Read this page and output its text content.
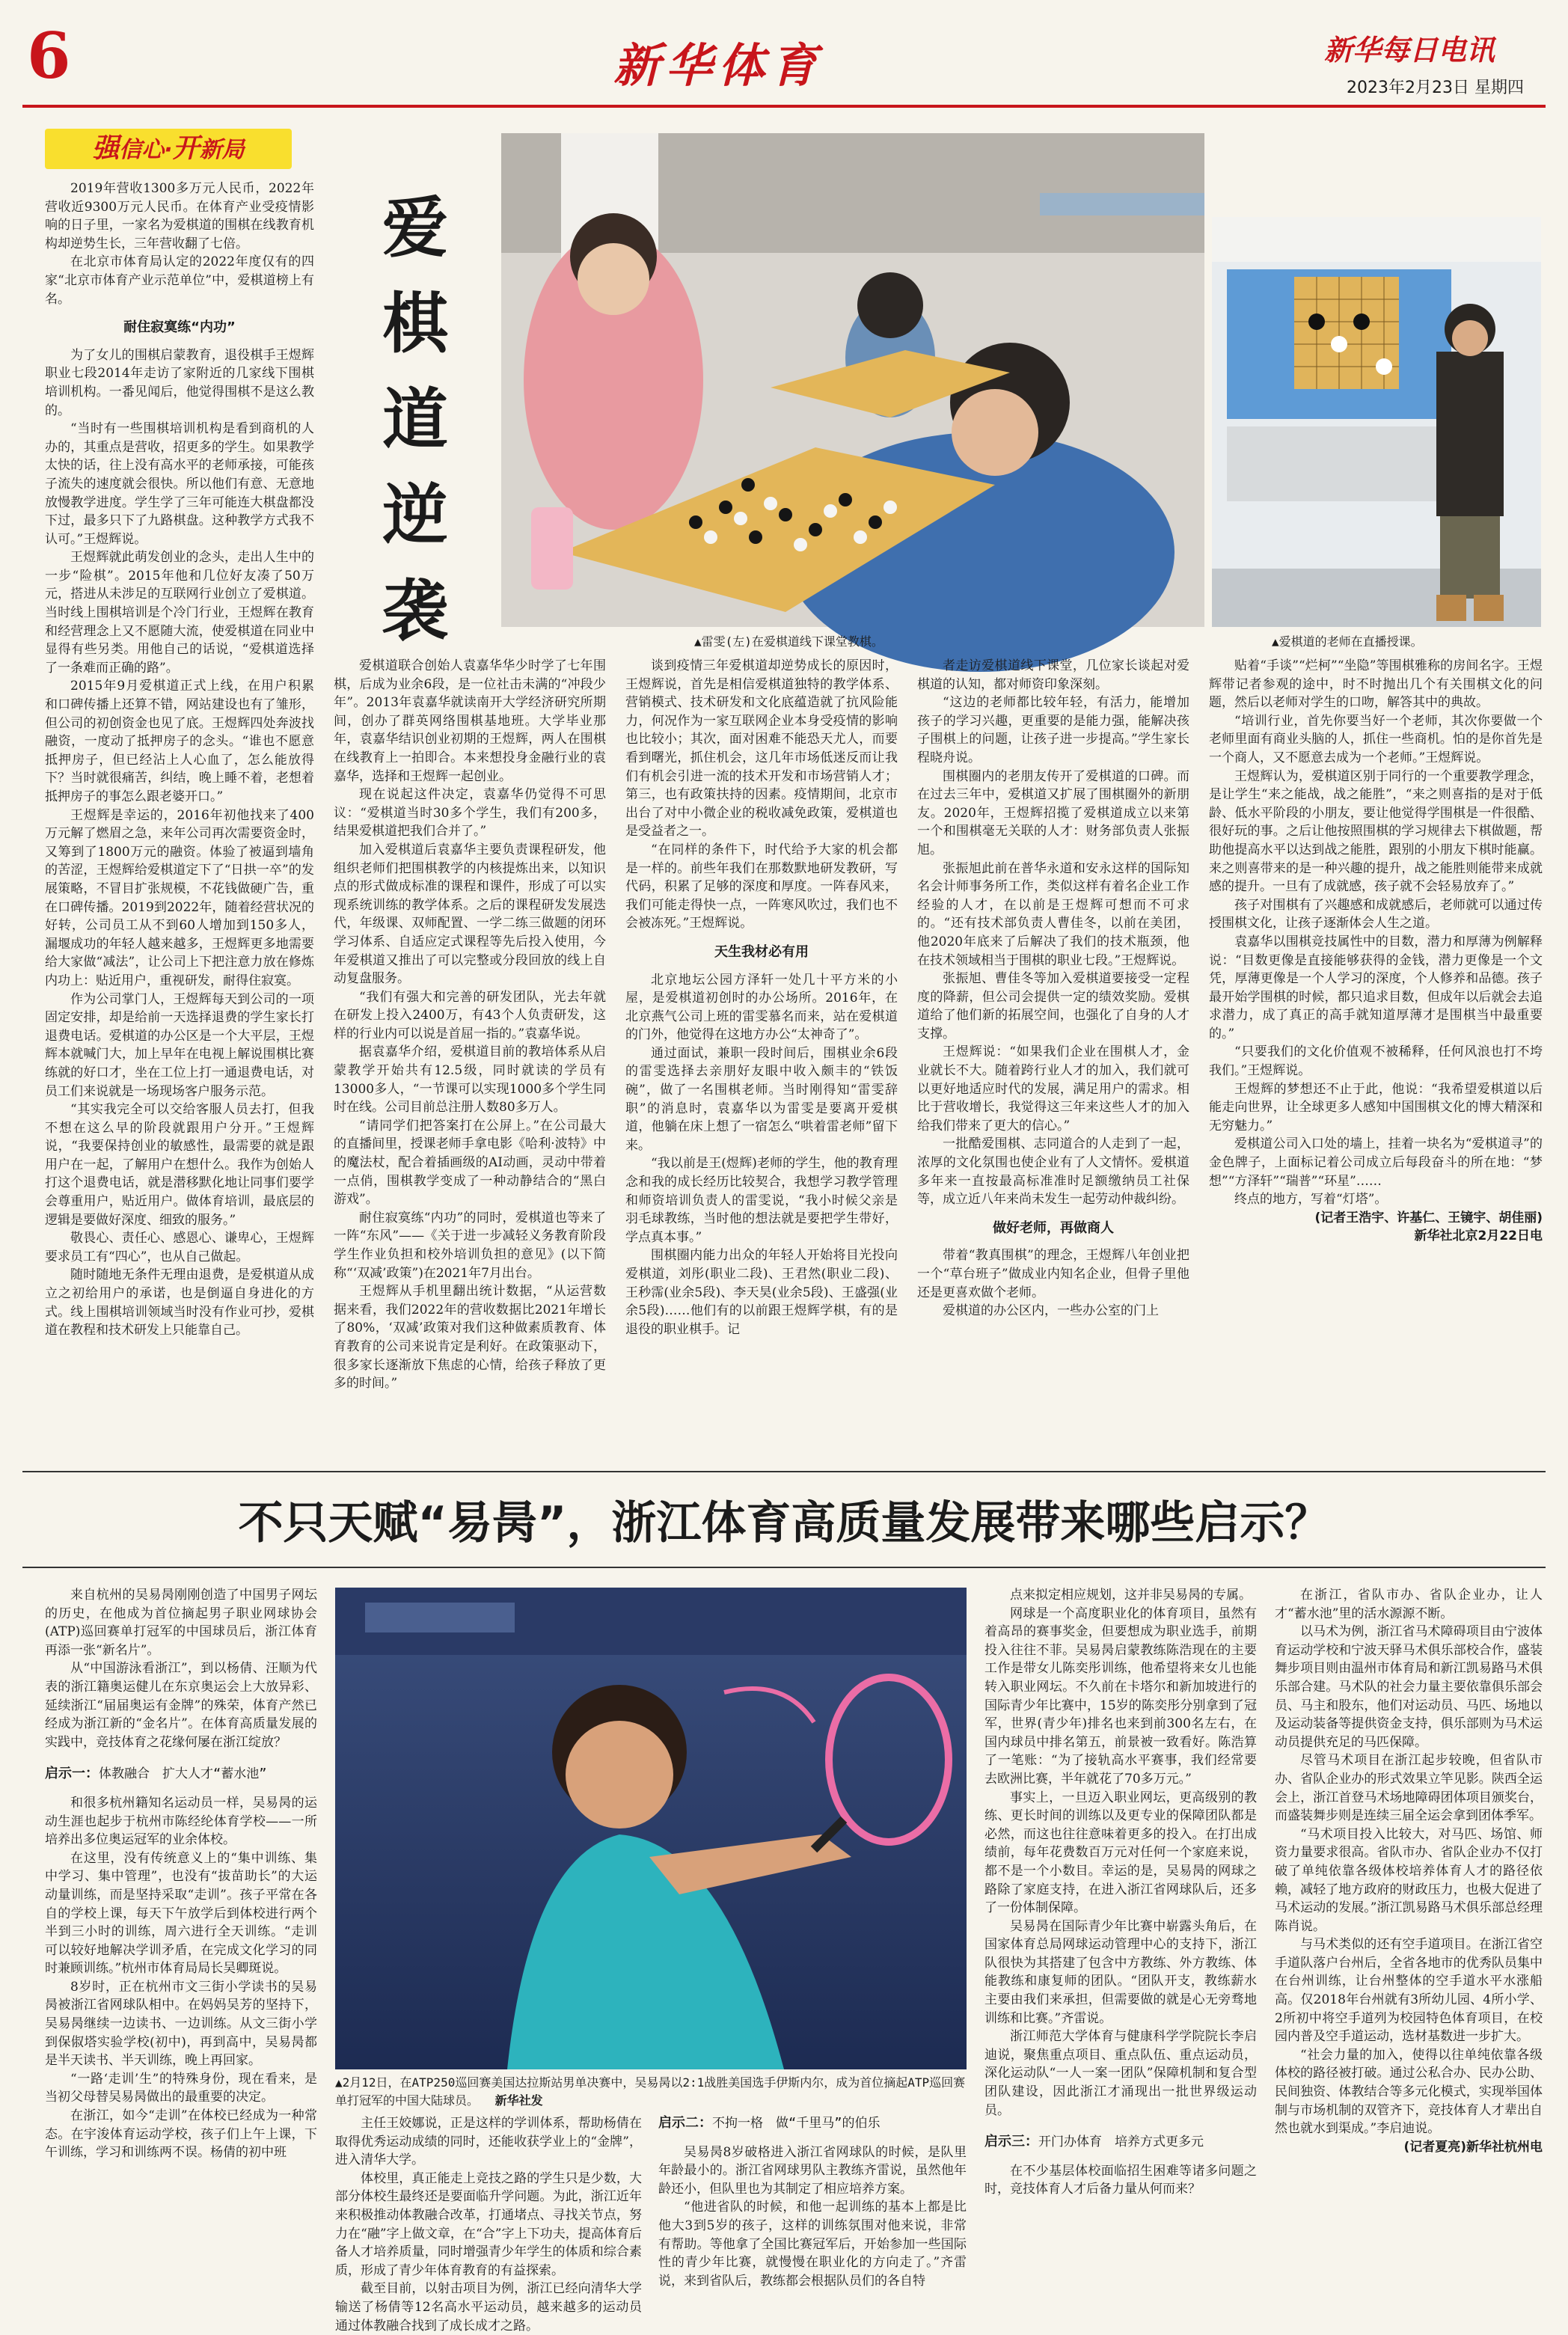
6	新华体育	新华每日电讯
2023年2月23日 星期四
强信心·开新局
爱
棋
道
逆
袭	▲雷雯(左)在爱棋道线下课堂教棋。	▲爱棋道的老师在直播授课。

2019年营收1300多万元人民币，2022年营收近9300万元人民币。在体育产业受疫情影响的日子里，一家名为爱棋道的围棋在线教育机构却逆势生长，三年营收翻了七倍。

在北京市体育局认定的2022年度仅有的四家“北京市体育产业示范单位”中，爱棋道榜上有名。

耐住寂寞练“内功”

为了女儿的围棋启蒙教育，退役棋手王煜辉职业七段2014年走访了家附近的几家线下围棋培训机构。一番见闻后，他觉得围棋不是这么教的。

“当时有一些围棋培训机构是看到商机的人办的，其重点是营收，招更多的学生。如果教学太快的话，往上没有高水平的老师承接，可能孩子流失的速度就会很快。所以他们有意、无意地放慢教学进度。学生学了三年可能连大棋盘都没下过，最多只下了九路棋盘。这种教学方式我不认可。”王煜辉说。

王煜辉就此萌发创业的念头，走出人生中的一步“险棋”。2015年他和几位好友凑了50万元，搭进从未涉足的互联网行业创立了爱棋道。当时线上围棋培训是个冷门行业，王煜辉在教育和经营理念上又不愿随大流，使爱棋道在同业中显得有些另类。用他自己的话说，“爱棋道选择了一条难而正确的路”。

2015年9月爱棋道正式上线，在用户积累和口碑传播上还算不错，网站建设也有了雏形，但公司的初创资金也见了底。王煜辉四处奔波找融资，一度动了抵押房子的念头。“谁也不愿意抵押房子，但已经沾上人心血了，怎么能放得下？当时就很痛苦，纠结，晚上睡不着，老想着抵押房子的事怎么跟老婆开口。”

王煜辉是幸运的，2016年初他找来了400万元解了燃眉之急，来年公司再次需要资金时，又筹到了1800万元的融资。体验了被逼到墙角的苦涩，王煜辉给爱棋道定下了“日拱一卒”的发展策略，不冒目扩张规模，不花钱做硬广告，重在口碑传播。2019到2022年，随着经营状况的好转，公司员工从不到60人增加到150多人，漏堰成功的年轻人越来越多，王煜辉更多地需要给大家做“减法”，让公司上下把注意力放在修炼内功上：贴近用户，重视研发，耐得住寂寞。

作为公司掌门人，王煜辉每天到公司的一项固定安排，却是给前一天选择退费的学生家长打退费电话。爱棋道的办公区是一个大平层，王煜辉本就喊门大，加上早年在电视上解说围棋比赛练就的好口才，坐在工位上打一通退费电话，对员工们来说就是一场现场客户服务示范。

“其实我完全可以交给客服人员去打，但我不想在这么早的阶段就跟用户分开。”王煜辉说，“我要保持创业的敏感性，最需要的就是跟用户在一起，了解用户在想什么。我作为创始人打这个退费电话，就是潜移默化地让同事们要学会尊重用户，贴近用户。做体育培训，最底层的逻辑是要做好深度、细致的服务。”

敬畏心、责任心、感恩心、谦卑心，王煜辉要求员工有“四心”，也从自己做起。

随时随地无条件无理由退费，是爱棋道从成立之初给用户的承诺，也是倒逼自身进化的方式。线上围棋培训领域当时没有作业可抄，爱棋道在教程和技术研发上只能靠自己。

爱棋道联合创始人袁嘉华华少时学了七年围棋，后成为业余6段，是一位社击未满的“冲段少年”。2013年袁嘉华就读南开大学经济研究所期间，创办了群英网络围棋基地班。大学毕业那年，袁嘉华结识创业初期的王煜辉，两人在围棋在线教育上一拍即合。本来想投身金融行业的袁嘉华，选择和王煜辉一起创业。

现在说起这件决定，袁嘉华仍觉得不可思议：“爱棋道当时30多个学生，我们有200多，结果爱棋道把我们合并了。”

加入爱棋道后袁嘉华主要负责课程研发，他组织老师们把围棋教学的内核提炼出来，以知识点的形式做成标准的课程和课件，形成了可以实现系统训练的教学体系。之后的课程研发发展迭代，年级课、双师配置、一学二练三做题的闭环学习体系、自适应定式课程等先后投入使用，今年爱棋道又推出了可以完整或分段回放的线上自动复盘服务。

“我们有强大和完善的研发团队，光去年就在研发上投入2400万，有43个人负责研发，这样的行业内可以说是首屈一指的。”袁嘉华说。

据袁嘉华介绍，爱棋道目前的教培体系从启蒙教学开始共有12.5级，同时就读的学员有13000多人，“一节课可以实现1000多个学生同时在线。公司目前总注册人数80多万人。

“请同学们把答案打在公屏上。”在公司最大的直播间里，授课老师手拿电影《哈利·波特》中的魔法杖，配合着插画级的AI动画，灵动中带着一点俏，围棋教学变成了一种动静结合的“黑白游戏”。

耐住寂寞练“内功”的同时，爱棋道也等来了一阵“东风”——《关于进一步减轻义务教育阶段学生作业负担和校外培训负担的意见》(以下简称“‘双减’政策”)在2021年7月出台。

王煜辉从手机里翻出统计数据，“从运营数据来看，我们2022年的营收数据比2021年增长了80%，‘双减’政策对我们这种做素质教育、体育教育的公司来说肯定是利好。在政策驱动下，很多家长逐渐放下焦虑的心情，给孩子释放了更多的时间。”

谈到疫情三年爱棋道却逆势成长的原因时，王煜辉说，首先是相信爱棋道独特的教学体系、营销模式、技术研发和文化底蕴造就了抗风险能力，何况作为一家互联网企业本身受疫情的影响也比较小；其次，面对困难不能恐天尤人，而要看到曙光，抓住机会，这几年市场低迷反而让我们有机会引进一流的技术开发和市场营销人才；第三，也有政策扶持的因素。疫情期间，北京市出台了对中小微企业的税收减免政策，爱棋道也是受益者之一。

“在同样的条件下，时代给予大家的机会都是一样的。前些年我们在那数默地研发教研，写代码，积累了足够的深度和厚度。一阵春风来，我们可能走得快一点，一阵寒风吹过，我们也不会被冻死。”王煜辉说。

天生我材必有用

北京地坛公园方泽轩一处几十平方米的小屋，是爱棋道初创时的办公场所。2016年，在北京燕气公司上班的雷雯慕名而来，站在爱棋道的门外，他觉得在这地方办公“太神奇了”。

通过面试，兼职一段时间后，围棋业余6段的雷雯选择去亲朋好友眼中收入颇丰的“铁饭碗”，做了一名围棋老师。当时刚得知“雷雯辞职”的消息时，袁嘉华以为雷雯是要离开爱棋道，他躺在床上想了一宿怎么“哄着雷老师”留下来。

“我以前是王(煜辉)老师的学生，他的教育理念和我的成长经历比较契合，我想学习教学管理和师资培训负责人的雷雯说，“我小时候父亲是羽毛球教练，当时他的想法就是要把学生带好，学点真本事。”

围棋圈内能力出众的年轻人开始将目光投向爱棋道，刘彤(职业二段)、王君然(职业二段)、王秒霈(业余5段)、李天昊(业余5段)、王盛强(业余5段)……他们有的以前跟王煜辉学棋，有的是退役的职业棋手。记

者走访爱棋道线下课堂，几位家长谈起对爱棋道的认知，都对师资印象深刻。

“这边的老师都比较年轻，有活力，能增加孩子的学习兴趣，更重要的是能力强，能解决孩子围棋上的问题，让孩子进一步提高。”学生家长程晓舟说。

围棋圈内的老朋友传开了爱棋道的口碑。而在过去三年中，爱棋道又扩展了围棋圈外的新朋友。2020年，王煜辉招揽了爱棋道成立以来第一个和围棋毫无关联的人才：财务部负责人张振旭。

张振旭此前在普华永道和安永这样的国际知名会计师事务所工作，类似这样有着名企业工作经验的人才，在以前是王煜辉可想而不可求的。“还有技术部负责人曹佳冬，以前在美团，他2020年底来了后解决了我们的技术瓶颈，他在技术领域相当于围棋的职业七段。”王煜辉说。

张振旭、曹佳冬等加入爱棋道要接受一定程度的降薪，但公司会提供一定的绩效奖励。爱棋道给了他们新的拓展空间，也强化了自身的人才支撑。

王煜辉说：“如果我们企业在围棋人才，金业就长不大。随着跨行业人才的加入，我们就可以更好地适应时代的发展，满足用户的需求。相比于营收增长，我觉得这三年来这些人才的加入给我们带来了更大的信心。”

一批酷爱围棋、志同道合的人走到了一起，浓厚的文化氛围也使企业有了人文情怀。爱棋道多年来一直按最高标准准时足额缴纳员工社保等，成立近八年来尚未发生一起劳动仲裁纠纷。

做好老师，再做商人

带着“教真围棋”的理念，王煜辉八年创业把一个“草台班子”做成业内知名企业，但骨子里他还是更喜欢做个老师。

爱棋道的办公区内，一些办公室的门上

贴着“手谈”“烂柯”“坐隐”等围棋雅称的房间名字。王煜辉带记者参观的途中，时不时抛出几个有关围棋文化的问题，然后以老师对学生的口吻，解答其中的典故。

“培训行业，首先你要当好一个老师，其次你要做一个老师里面有商业头脑的人，抓住一些商机。怕的是你首先是一个商人，又不愿意去成为一个老师。”王煜辉说。

王煜辉认为，爱棋道区别于同行的一个重要教学理念，是让学生“来之能战，战之能胜”，“来之则喜指的是对于低龄、低水平阶段的小朋友，要让他觉得学围棋是一件很酷、很好玩的事。之后让他按照围棋的学习规律去下棋做题，帮助他提高水平以达到战之能胜，跟别的小朋友下棋时能赢。来之则喜带来的是一种兴趣的提升，战之能胜则能带来成就感的提升。一旦有了成就感，孩子就不会轻易放弃了。”

孩子对围棋有了兴趣感和成就感后，老师就可以通过传授围棋文化，让孩子逐渐体会人生之道。

袁嘉华以围棋竞技属性中的目数，潜力和厚薄为例解释说：“目数更像是直接能够获得的金钱，潜力更像是一个文凭，厚薄更像是一个人学习的深度，个人修养和品德。孩子最开始学围棋的时候，都只追求目数，但成年以后就会去追求潜力，成了真正的高手就知道厚薄才是围棋当中最重要的。”

“只要我们的文化价值观不被稀释，任何风浪也打不垮我们。”王煜辉说。

王煜辉的梦想还不止于此，他说：“我希望爱棋道以后能走向世界，让全球更多人感知中国围棋文化的博大精深和无穷魅力。”

爱棋道公司入口处的墙上，挂着一块名为“爱棋道寻”的金色牌子，上面标记着公司成立后每段奋斗的所在地：“梦想”“方泽轩”“瑞普”“环星”……

终点的地方，写着“灯塔”。

(记者王浩宇、许基仁、王镜宇、胡佳丽)

新华社北京2月22日电

不只天赋“易昺”，浙江体育高质量发展带来哪些启示？
▲2月12日，在ATP250巡回赛美国达拉斯站男单决赛中，吴易昺以2:1战胜美国选手伊斯内尔，成为首位摘起ATP巡回赛单打冠军的中国大陆球员。 新华社发

来自杭州的吴易昺刚刚创造了中国男子网坛的历史，在他成为首位摘起男子职业网球协会(ATP)巡回赛单打冠军的中国球员后，浙江体育再添一张“新名片”。

从“中国游泳看浙江”，到以杨倩、汪顺为代表的浙江籍奥运健儿在东京奥运会上大放异彩、延续浙江“届届奥运有金牌”的殊荣，体育产然已经成为浙江新的“金名片”。在体育高质量发展的实践中，竞技体育之花缘何屡在浙江绽放？

启示一：体教融合　扩大人才“蓄水池”

和很多杭州籍知名运动员一样，吴易昺的运动生涯也起步于杭州市陈经纶体育学校——一所培养出多位奥运冠军的业余体校。

在这里，没有传统意义上的“集中训练、集中学习、集中管理”，也没有“拔苗助长”的大运动量训练，而是坚持采取“走训”。孩子平常在各自的学校上课，每天下午放学后到体校进行两个半到三小时的训练，周六进行全天训练。“走训可以较好地解决学训矛盾，在完成文化学习的同时兼顾训练。”杭州市体育局局长吴卿斑说。

8岁时，正在杭州市文三街小学读书的吴易昺被浙江省网球队相中。在妈妈吴芳的坚持下，吴易昺继续一边读书、一边训练。从文三街小学到保俶塔实验学校(初中)，再到高中，吴易昺都是半天读书、半天训练，晚上再回家。

“一路‘走训’生”的特殊身份，现在看来，是当初父母替吴易昺做出的最重要的决定。

在浙江，如今“走训”在体校已经成为一种常态。在宇浚体育运动学校，孩子们上午上课，下午训练，学习和训练两不误。杨倩的初中班

主任王姣娜说，正是这样的学训体系，帮助杨倩在取得优秀运动成绩的同时，还能收获学业上的“金牌”，进入清华大学。

体校里，真正能走上竞技之路的学生只是少数，大部分体校生最终还是要面临升学问题。为此，浙江近年来积极推动体教融合改革，打通堵点、寻找关节点，努力在“融”字上做文章，在“合”字上下功夫，提高体育后备人才培养质量，同时增强青少年学生的体质和综合素质，形成了青少年体育教育的有益探索。

截至目前，以射击项目为例，浙江已经向清华大学输送了杨倩等12名高水平运动员，越来越多的运动员通过体教融合找到了成长成才之路。

启示二：不拘一格　做“千里马”的伯乐

吴易昺8岁破格进入浙江省网球队的时候，是队里年龄最小的。浙江省网球男队主教练齐雷说，虽然他年龄还小，但队里也为其制定了相应培养方案。

“他进省队的时候，和他一起训练的基本上都是比他大3到5岁的孩子，这样的训练氛围对他来说，非常有帮助。等他拿了全国比赛冠军后，开始参加一些国际性的青少年比赛，就慢慢在职业化的方向走了。”齐雷说，来到省队后，教练都会根据队员们的各自特

点来拟定相应规划，这并非吴易昺的专属。

网球是一个高度职业化的体育项目，虽然有着高昂的赛事奖金，但要想成为职业选手，前期投入往往不菲。吴易昺启蒙教练陈浩现在的主要工作是带女儿陈奕彤训练，他希望将来女儿也能转入职业网坛。不久前在卡塔尔和新加坡进行的国际青少年比赛中，15岁的陈奕彤分别拿到了冠军，世界(青少年)排名也来到前300名左右，在国内球员中排名第五，前景被一致看好。陈浩算了一笔账：“为了接轨高水平赛事，我们经常要去欧洲比赛，半年就花了70多万元。”

事实上，一旦迈入职业网坛，更高级别的教练、更长时间的训练以及更专业的保障团队都是必然，而这也往往意味着更多的投入。在打出成绩前，每年花费数百万元对任何一个家庭来说，都不是一个小数目。幸运的是，吴易昺的网球之路除了家庭支持，在进入浙江省网球队后，还多了一份体制保障。

吴易昺在国际青少年比赛中崭露头角后，在国家体育总局网球运动管理中心的支持下，浙江队很快为其搭建了包含中方教练、外方教练、体能教练和康复师的团队。“团队开支，教练薪水主要由我们来承担，但需要做的就是心无旁骛地训练和比赛。”齐雷说。

浙江师范大学体育与健康科学学院院长李启迪说，聚焦重点项目、重点队伍、重点运动员，深化运动队“一人一案一团队”保障机制和复合型团队建设，因此浙江才涌现出一批世界级运动员。

启示三：开门办体育　培养方式更多元

在不少基层体校面临招生困难等诸多问题之时，竞技体育人才后备力量从何而来？

在浙江，省队市办、省队企业办，让人才“蓄水池”里的活水源源不断。

以马术为例，浙江省马术障碍项目由宁波体育运动学校和宁波天驿马术俱乐部校合作，盛装舞步项目则由温州市体育局和新江凯易路马术俱乐部合建。马术队的社会力量主要依靠俱乐部会员、马主和股东，他们对运动员、马匹、场地以及运动装备等提供资金支持，俱乐部则为马术运动员提供充足的马匹保障。

尽管马术项目在浙江起步较晚，但省队市办、省队企业办的形式效果立竿见影。陕西全运会上，浙江首登马术场地障碍团体项目颁奖台，而盛装舞步则是连续三届全运会拿到团体季军。

“马术项目投入比较大，对马匹、场馆、师资力量要求很高。省队市办、省队企业办不仅打破了单纯依靠各级体校培养体育人才的路径依赖，减轻了地方政府的财政压力，也极大促进了马术运动的发展。”浙江凯易路马术俱乐部总经理陈肖说。

与马术类似的还有空手道项目。在浙江省空手道队落户台州后，全省各地市的优秀队员集中在台州训练，让台州整体的空手道水平水涨船高。仅2018年台州就有3所幼儿园、4所小学、2所初中将空手道列为校园特色体育项目，在校园内普及空手道运动，选材基数进一步扩大。

“社会力量的加入，使得以往单纯依靠各级体校的路径被打破。通过公私合办、民办公助、民间独资、体教结合等多元化模式，实现举国体制与市场机制的双管齐下，竞技体育人才辈出自然也就水到渠成。”李启迪说。

(记者夏亮)新华社杭州电
